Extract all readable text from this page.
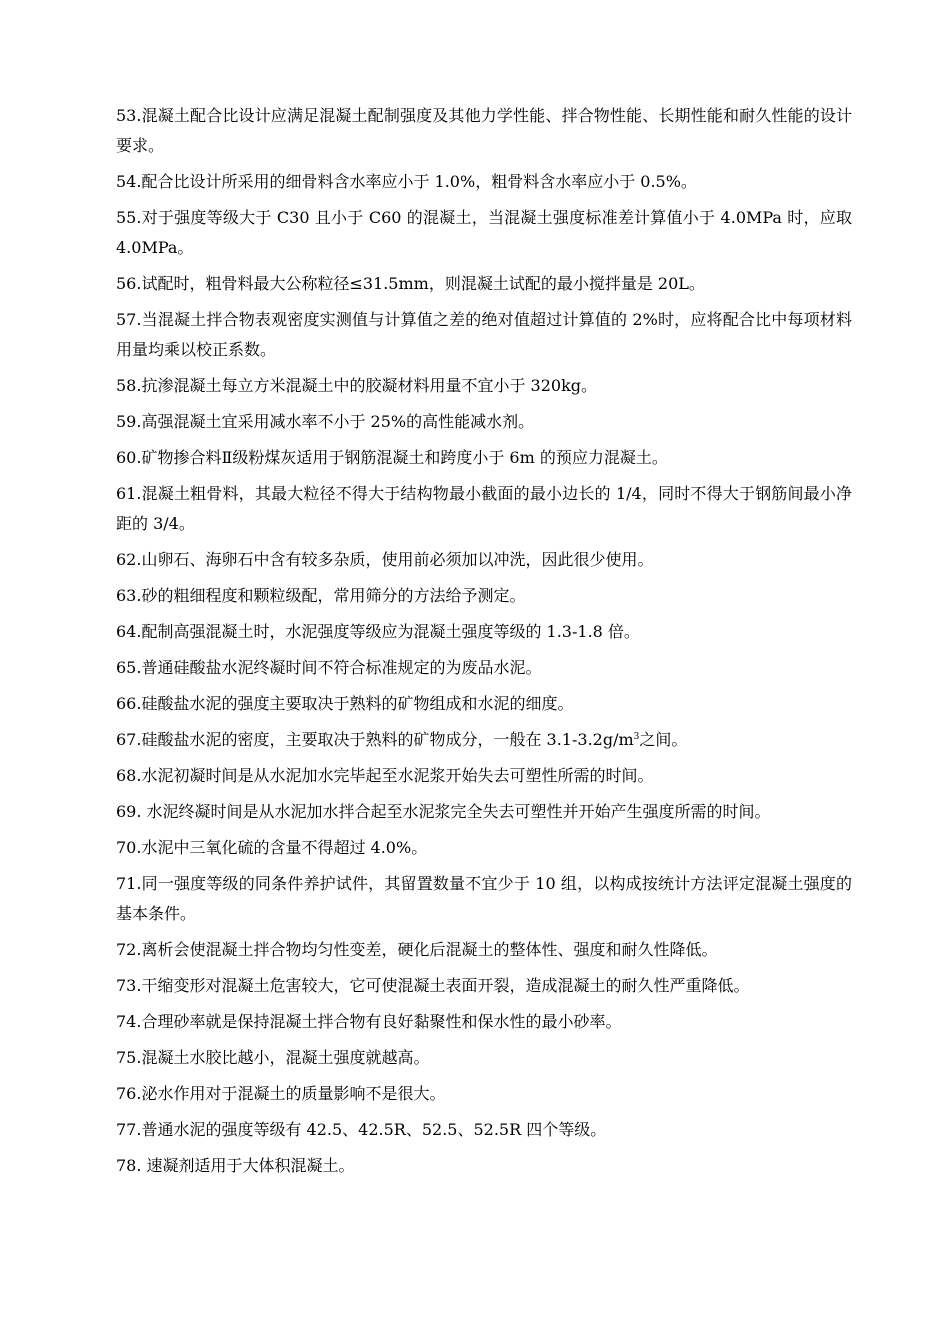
53.混凝土配合比设计应满足混凝土配制强度及其他力学性能、拌合物性能、长期性能和耐久性能的设计要求。

54.配合比设计所采用的细骨料含水率应小于 1.0%，粗骨料含水率应小于 0.5%。

55.对于强度等级大于 C30 且小于 C60 的混凝土，当混凝土强度标准差计算值小于 4.0MPa 时，应取 4.0MPa。

56.试配时，粗骨料最大公称粒径≤31.5mm，则混凝土试配的最小搅拌量是 20L。

57.当混凝土拌合物表观密度实测值与计算值之差的绝对值超过计算值的 2%时，应将配合比中每项材料用量均乘以校正系数。

58.抗渗混凝土每立方米混凝土中的胶凝材料用量不宜小于 320kg。

59.高强混凝土宜采用减水率不小于 25%的高性能减水剂。

60.矿物掺合料Ⅱ级粉煤灰适用于钢筋混凝土和跨度小于 6m 的预应力混凝土。

61.混凝土粗骨料，其最大粒径不得大于结构物最小截面的最小边长的 1/4，同时不得大于钢筋间最小净距的 3/4。

62.山卵石、海卵石中含有较多杂质，使用前必须加以冲洗，因此很少使用。

63.砂的粗细程度和颗粒级配，常用筛分的方法给予测定。

64.配制高强混凝土时，水泥强度等级应为混凝土强度等级的 1.3-1.8 倍。

65.普通硅酸盐水泥终凝时间不符合标准规定的为废品水泥。

66.硅酸盐水泥的强度主要取决于熟料的矿物组成和水泥的细度。

67.硅酸盐水泥的密度，主要取决于熟料的矿物成分，一般在 $3.1-3.2g/m^3$之间。

68.水泥初凝时间是从水泥加水完毕起至水泥浆开始失去可塑性所需的时间。

69. 水泥终凝时间是从水泥加水拌合起至水泥浆完全失去可塑性并开始产生强度所需的时间。

70.水泥中三氧化硫的含量不得超过 4.0%。

71.同一强度等级的同条件养护试件，其留置数量不宜少于 10 组，以构成按统计方法评定混凝土强度的基本条件。

72.离析会使混凝土拌合物均匀性变差，硬化后混凝土的整体性、强度和耐久性降低。

73.干缩变形对混凝土危害较大，它可使混凝土表面开裂，造成混凝土的耐久性严重降低。

74.合理砂率就是保持混凝土拌合物有良好黏聚性和保水性的最小砂率。

75.混凝土水胶比越小，混凝土强度就越高。

76.泌水作用对于混凝土的质量影响不是很大。

77.普通水泥的强度等级有 42.5、42.5R、52.5、52.5R 四个等级。

78. 速凝剂适用于大体积混凝土。
